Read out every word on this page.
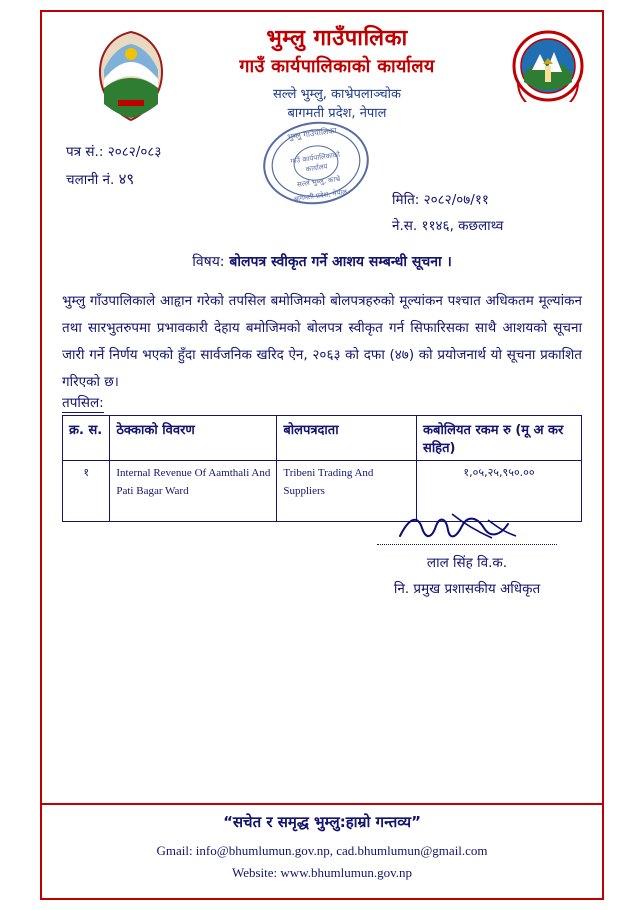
भुम्लु गाउँपालिका
गाउँ कार्यपालिकाको कार्यालय
सल्ले भुम्लु, काभ्रेपलाञ्चोक
बागमती प्रदेश, नेपाल
भुम्लु गाउँपालिका
गाउँ कार्यपालिकाको
कार्यालय
सल्ले भुम्लु, काभ्रे
बागमती प्रदेश, नेपाल
पत्र सं.: २०८२/०८३
चलानी नं. ४९
मिति: २०८२/०७/११
ने.स. ११४६, कछलाथ्व
विषय: बोलपत्र स्वीकृत गर्ने आशय सम्बन्धी सूचना ।
भुम्लु गाँउपालिकाले आहृान गरेको तपसिल बमोजिमको बोलपत्रहरुको मूल्यांकन पश्चात अधिकतम मूल्यांकन तथा सारभुतरुपमा प्रभावकारी देहाय बमोजिमको बोलपत्र स्वीकृत गर्न सिफारिसका साथै आशयको सूचना जारी गर्ने निर्णय भएको हुँदा सार्वजनिक खरिद ऐन, २०६३ को दफा (४७) को प्रयोजनार्थ यो सूचना प्रकाशित गरिएको छ।
तपसिल:
क्र. स.	ठेक्काको विवरण	बोलपत्रदाता	कबोलियत रकम रु (मू अ कर सहित)
१	Internal Revenue Of Aamthali And Pati Bagar Ward	Tribeni Trading And Suppliers	१,०५,२५,९५०.००
लाल सिंह वि.क.
नि. प्रमुख प्रशासकीय अधिकृत
“सचेत र समृद्ध भुम्लु:हाम्रो गन्तव्य”
Gmail: info@bhumlumun.gov.np, cad.bhumlumun@gmail.com
Website: www.bhumlumun.gov.np
